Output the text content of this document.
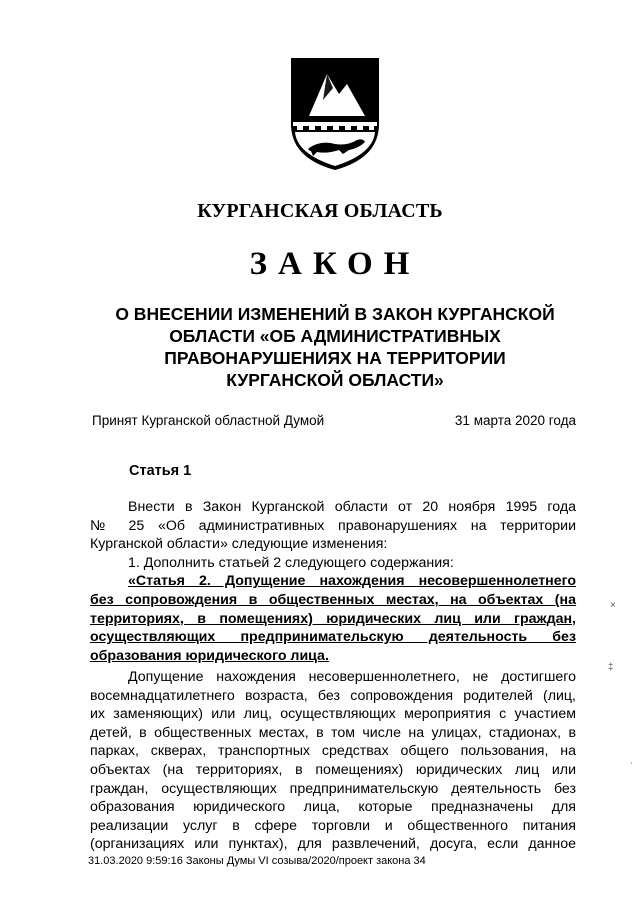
КУРГАНСКАЯ ОБЛАСТЬ
ЗАКОН
О ВНЕСЕНИИ ИЗМЕНЕНИЙ В ЗАКОН КУРГАНСКОЙ
ОБЛАСТИ «ОБ АДМИНИСТРАТИВНЫХ
ПРАВОНАРУШЕНИЯХ НА ТЕРРИТОРИИ
КУРГАНСКОЙ ОБЛАСТИ»
Принят Курганской областной Думой	31 марта 2020 года
Статья 1
Внести в Закон Курганской области от 20 ноября 1995 года
№ 25 «Об административных правонарушениях на территории
Курганской области» следующие изменения:
1. Дополнить статьей 2 следующего содержания:
«Статья 2. Допущение нахождения несовершеннолетнего
без сопровождения в общественных местах, на объектах (на
территориях, в помещениях) юридических лиц или граждан,
осуществляющих предпринимательскую деятельность без
образования юридического лица.
Допущение нахождения несовершеннолетнего, не достигшего
восемнадцатилетнего возраста, без сопровождения родителей (лиц,
их заменяющих) или лиц, осуществляющих мероприятия с участием
детей, в общественных местах, в том числе на улицах, стадионах, в
парках, скверах, транспортных средствах общего пользования, на
объектах (на территориях, в помещениях) юридических лиц или
граждан, осуществляющих предпринимательскую деятельность без
образования юридического лица, которые предназначены для
реализации услуг в сфере торговли и общественного питания
(организациях или пунктах), для развлечений, досуга, если данное
31.03.2020 9:59:16 Законы Думы VI созыва/2020/проект закона 34
×
‡
ˈ
